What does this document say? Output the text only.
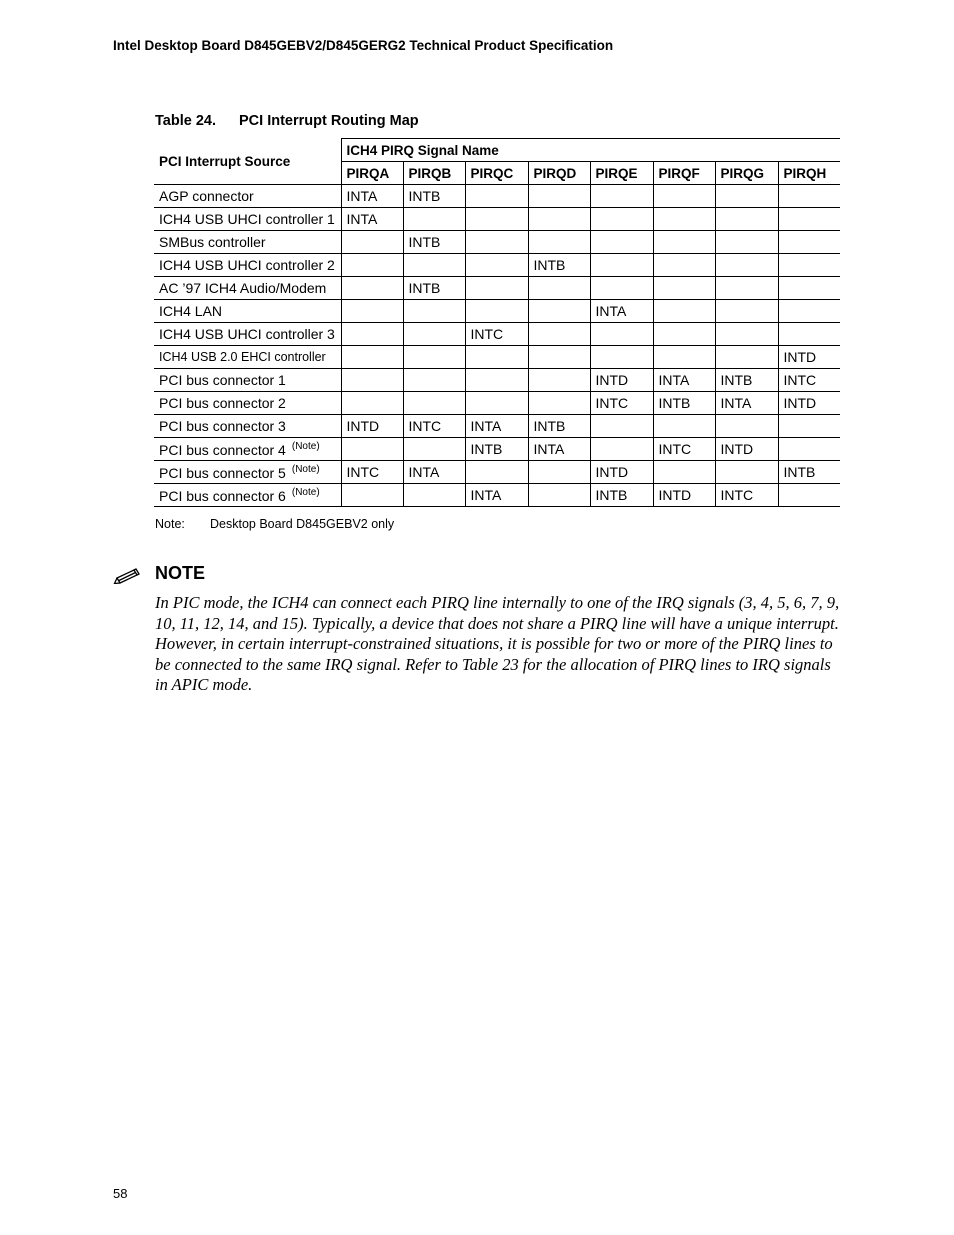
Intel Desktop Board D845GEBV2/D845GERG2 Technical Product Specification
Table 24. PCI Interrupt Routing Map
PCI Interrupt Source	ICH4 PIRQ Signal Name							
	PIRQA	PIRQB	PIRQC	PIRQD	PIRQE	PIRQF	PIRQG	PIRQH
AGP connector	INTA	INTB						
ICH4 USB UHCI controller 1	INTA							
SMBus controller		INTB						
ICH4 USB UHCI controller 2				INTB				
AC ’97 ICH4 Audio/Modem		INTB						
ICH4 LAN					INTA			
ICH4 USB UHCI controller 3			INTC					
ICH4 USB 2.0 EHCI controller								INTD
PCI bus connector 1					INTD	INTA	INTB	INTC
PCI bus connector 2					INTC	INTB	INTA	INTD
PCI bus connector 3	INTD	INTC	INTA	INTB				
PCI bus connector 4 $^{(Note)}$			INTB	INTA		INTC	INTD	
PCI bus connector 5 $^{(Note)}$	INTC	INTA			INTD			INTB
PCI bus connector 6 $^{(Note)}$			INTA		INTB	INTD	INTC	
Note: Desktop Board D845GEBV2 only
NOTE
In PIC mode, the ICH4 can connect each PIRQ line internally to one of the IRQ signals (3, 4, 5, 6, 7, 9, 10, 11, 12, 14, and 15). Typically, a device that does not share a PIRQ line will have a unique interrupt. However, in certain interrupt-constrained situations, it is possible for two or more of the PIRQ lines to be connected to the same IRQ signal. Refer to Table 23 for the allocation of PIRQ lines to IRQ signals in APIC mode.
58
